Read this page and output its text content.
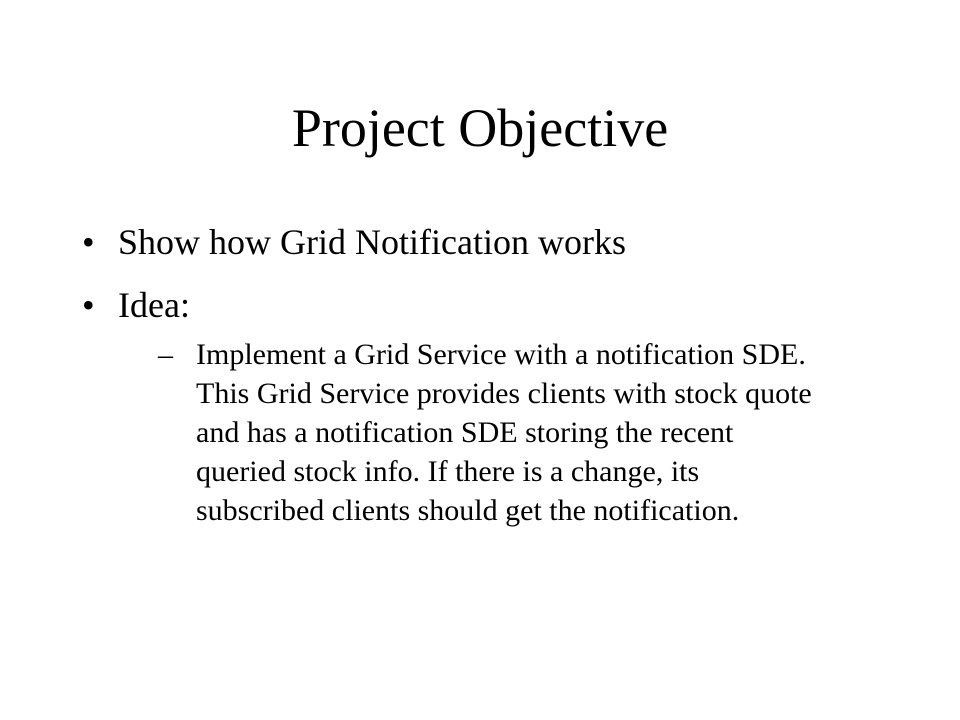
Project Objective
• Show how Grid Notification works
• Idea:
– Implement a Grid Service with a notification SDE. This Grid Service provides clients with stock quote and has a notification SDE storing the recent queried stock info. If there is a change, its subscribed clients should get the notification.
